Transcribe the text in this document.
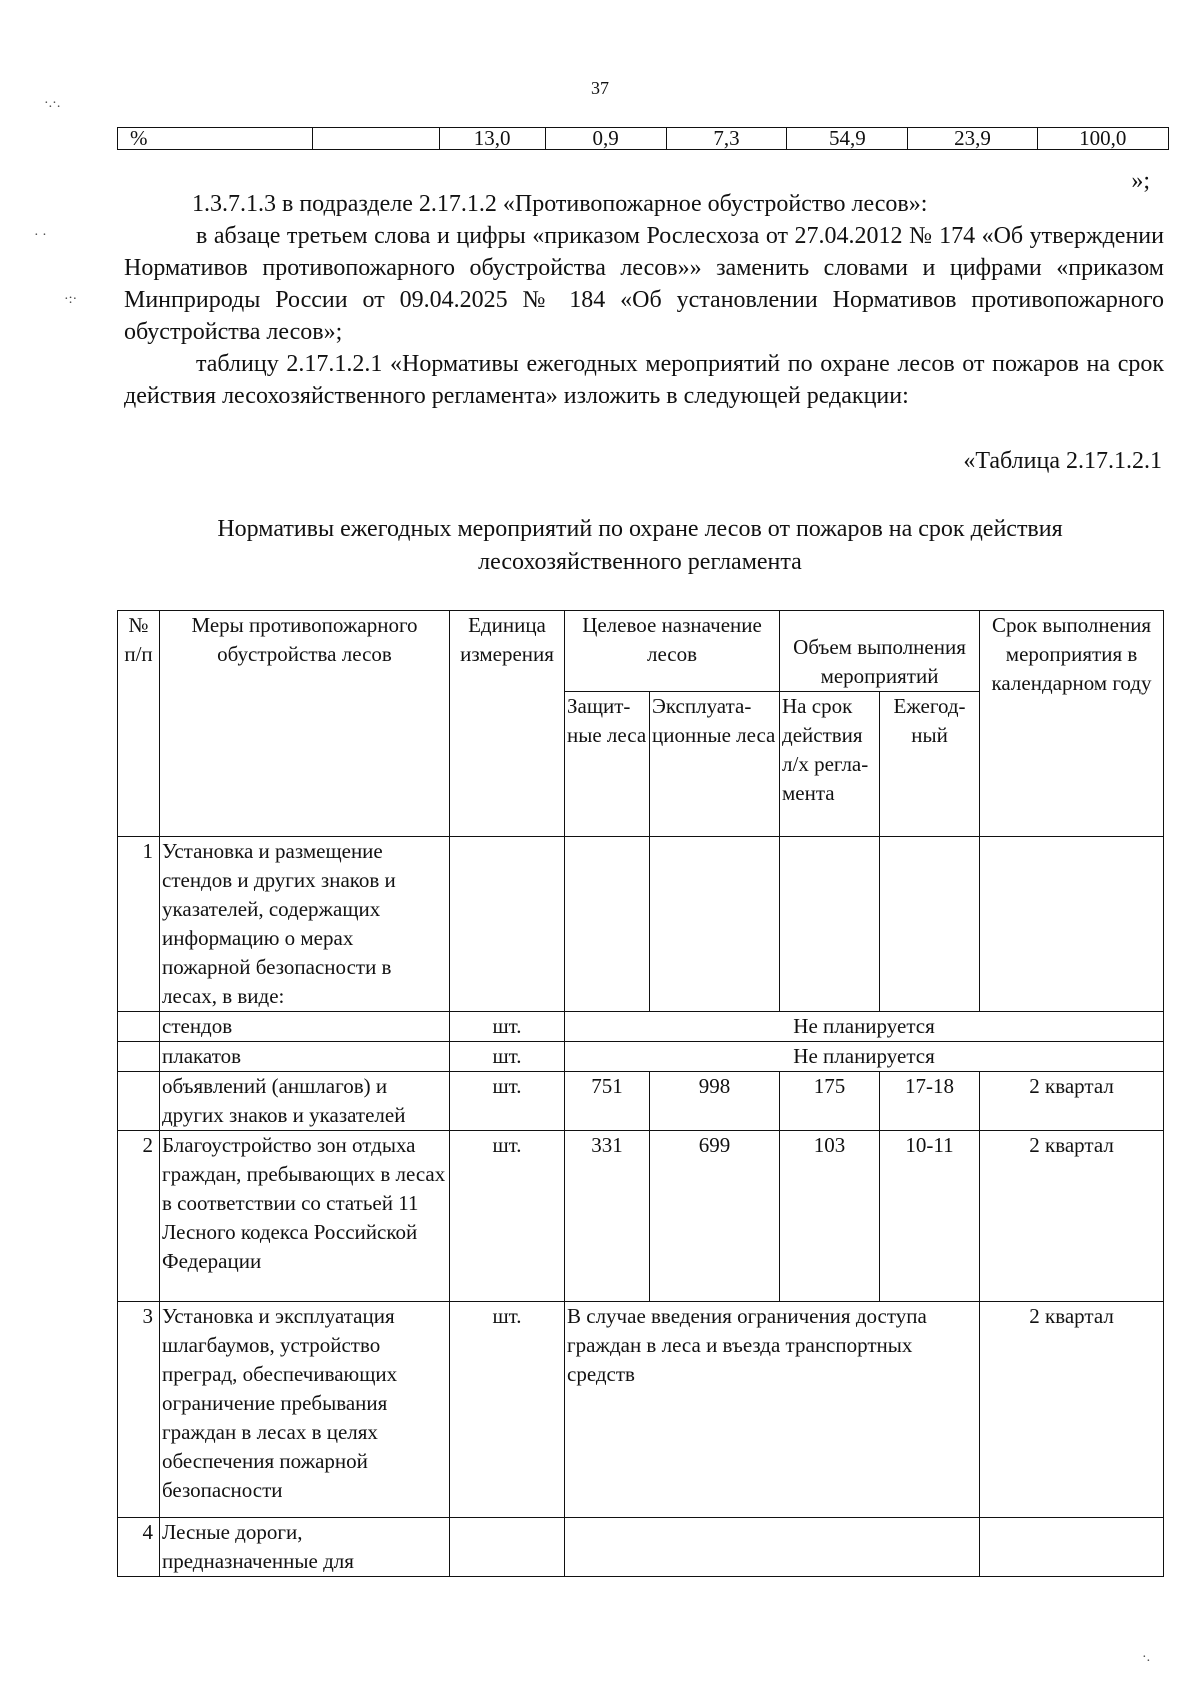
37
·.·.
· ·
·:·
·.
%		13,0	0,9	7,3	54,9	23,9	100,0
»;

1.3.7.1.3 в подразделе 2.17.1.2 «Противопожарное обустройство лесов»:

в абзаце третьем слова и цифры «приказом Рослесхоза от 27.04.2012 № 174 «Об утверждении Нормативов противопожарного обустройства лесов»» заменить словами и цифрами «приказом Минприроды России от 09.04.2025 № 184 «Об установлении Нормативов противопожарного обустройства лесов»;

таблицу 2.17.1.2.1 «Нормативы ежегодных мероприятий по охране лесов от пожаров на срок действия лесохозяйственного регламента» изложить в следующей редакции:

«Таблица 2.17.1.2.1
Нормативы ежегодных мероприятий по охране лесов от пожаров на срок действия лесохозяйственного регламента
№ п/п	Меры противопожарного обустройства лесов	Единица измерения	Целевое назначение лесов		Объем выполнения мероприятий		Срок выполнения мероприятия в календарном году
			Защит-ные леса	Эксплуата-ционные леса	На срок действия л/х регла-мента	Ежегод-ный	
1	Установка и размещение стендов и других знаков и указателей, содержащих информацию о мерах пожарной безопасности в лесах, в виде:						
	стендов	шт.	Не планируется				
	плакатов	шт.	Не планируется				
	объявлений (аншлагов) и других знаков и указателей	шт.	751	998	175	17-18	2 квартал
2	Благоустройство зон отдыха граждан, пребывающих в лесах в соответствии со статьей 11 Лесного кодекса Российской Федерации	шт.	331	699	103	10-11	2 квартал
3	Установка и эксплуатация шлагбаумов, устройство преград, обеспечивающих ограничение пребывания граждан в лесах в целях обеспечения пожарной безопасности	шт.	В случае введения ограничения доступа граждан в леса и въезда транспортных средств				2 квартал
4	Лесные дороги, предназначенные для						
